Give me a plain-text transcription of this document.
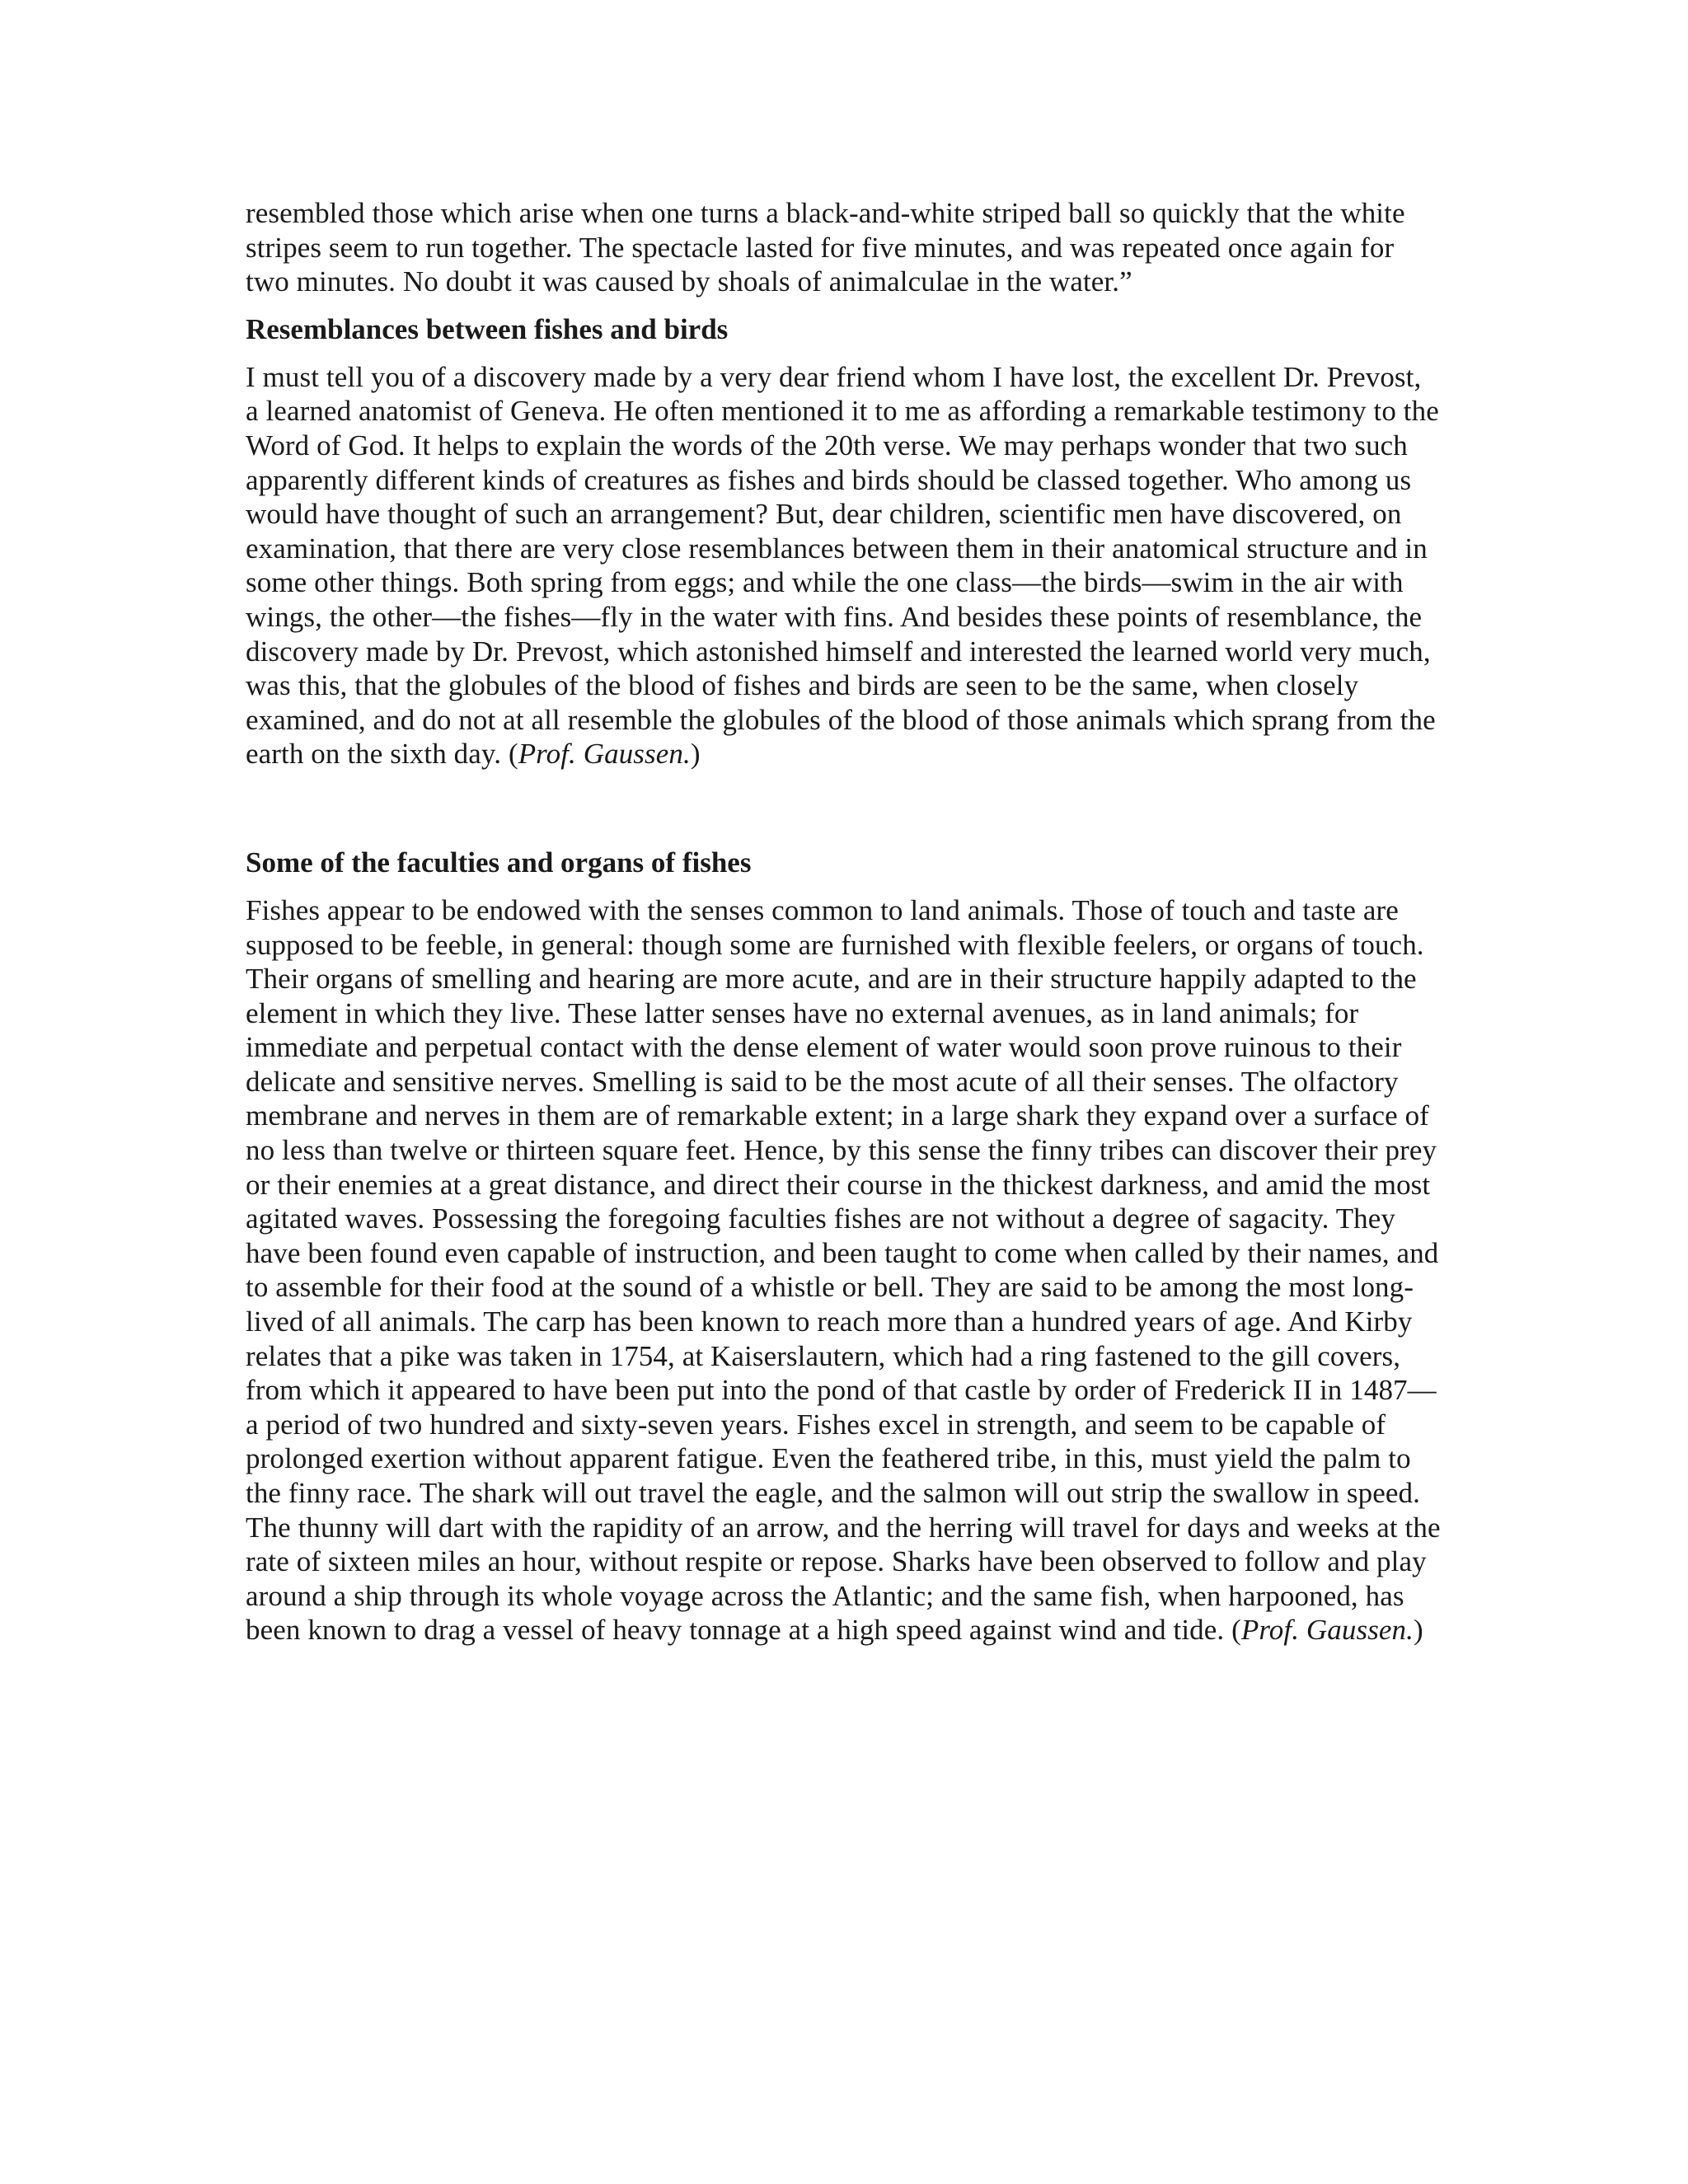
resembled those which arise when one turns a black-and-white striped ball so quickly that the white stripes seem to run together. The spectacle lasted for five minutes, and was repeated once again for two minutes. No doubt it was caused by shoals of animalculae in the water.”

Resemblances between fishes and birds

I must tell you of a discovery made by a very dear friend whom I have lost, the excellent Dr. Prevost, a learned anatomist of Geneva. He often mentioned it to me as affording a remarkable testimony to the Word of God. It helps to explain the words of the 20th verse. We may perhaps wonder that two such apparently different kinds of creatures as fishes and birds should be classed together. Who among us would have thought of such an arrangement? But, dear children, scientific men have discovered, on examination, that there are very close resemblances between them in their anatomical structure and in some other things. Both spring from eggs; and while the one class—the birds—swim in the air with wings, the other—the fishes—fly in the water with fins. And besides these points of resemblance, the discovery made by Dr. Prevost, which astonished himself and interested the learned world very much, was this, that the globules of the blood of fishes and birds are seen to be the same, when closely examined, and do not at all resemble the globules of the blood of those animals which sprang from the earth on the sixth day. (Prof. Gaussen.)

Some of the faculties and organs of fishes

Fishes appear to be endowed with the senses common to land animals. Those of touch and taste are supposed to be feeble, in general: though some are furnished with flexible feelers, or organs of touch. Their organs of smelling and hearing are more acute, and are in their structure happily adapted to the element in which they live. These latter senses have no external avenues, as in land animals; for immediate and perpetual contact with the dense element of water would soon prove ruinous to their delicate and sensitive nerves. Smelling is said to be the most acute of all their senses. The olfactory membrane and nerves in them are of remarkable extent; in a large shark they expand over a surface of no less than twelve or thirteen square feet. Hence, by this sense the finny tribes can discover their prey or their enemies at a great distance, and direct their course in the thickest darkness, and amid the most agitated waves. Possessing the foregoing faculties fishes are not without a degree of sagacity. They have been found even capable of instruction, and been taught to come when called by their names, and to assemble for their food at the sound of a whistle or bell. They are said to be among the most long-lived of all animals. The carp has been known to reach more than a hundred years of age. And Kirby relates that a pike was taken in 1754, at Kaiserslautern, which had a ring fastened to the gill covers, from which it appeared to have been put into the pond of that castle by order of Frederick II in 1487—a period of two hundred and sixty-seven years. Fishes excel in strength, and seem to be capable of prolonged exertion without apparent fatigue. Even the feathered tribe, in this, must yield the palm to the finny race. The shark will out travel the eagle, and the salmon will out strip the swallow in speed. The thunny will dart with the rapidity of an arrow, and the herring will travel for days and weeks at the rate of sixteen miles an hour, without respite or repose. Sharks have been observed to follow and play around a ship through its whole voyage across the Atlantic; and the same fish, when harpooned, has been known to drag a vessel of heavy tonnage at a high speed against wind and tide. (Prof. Gaussen.)
